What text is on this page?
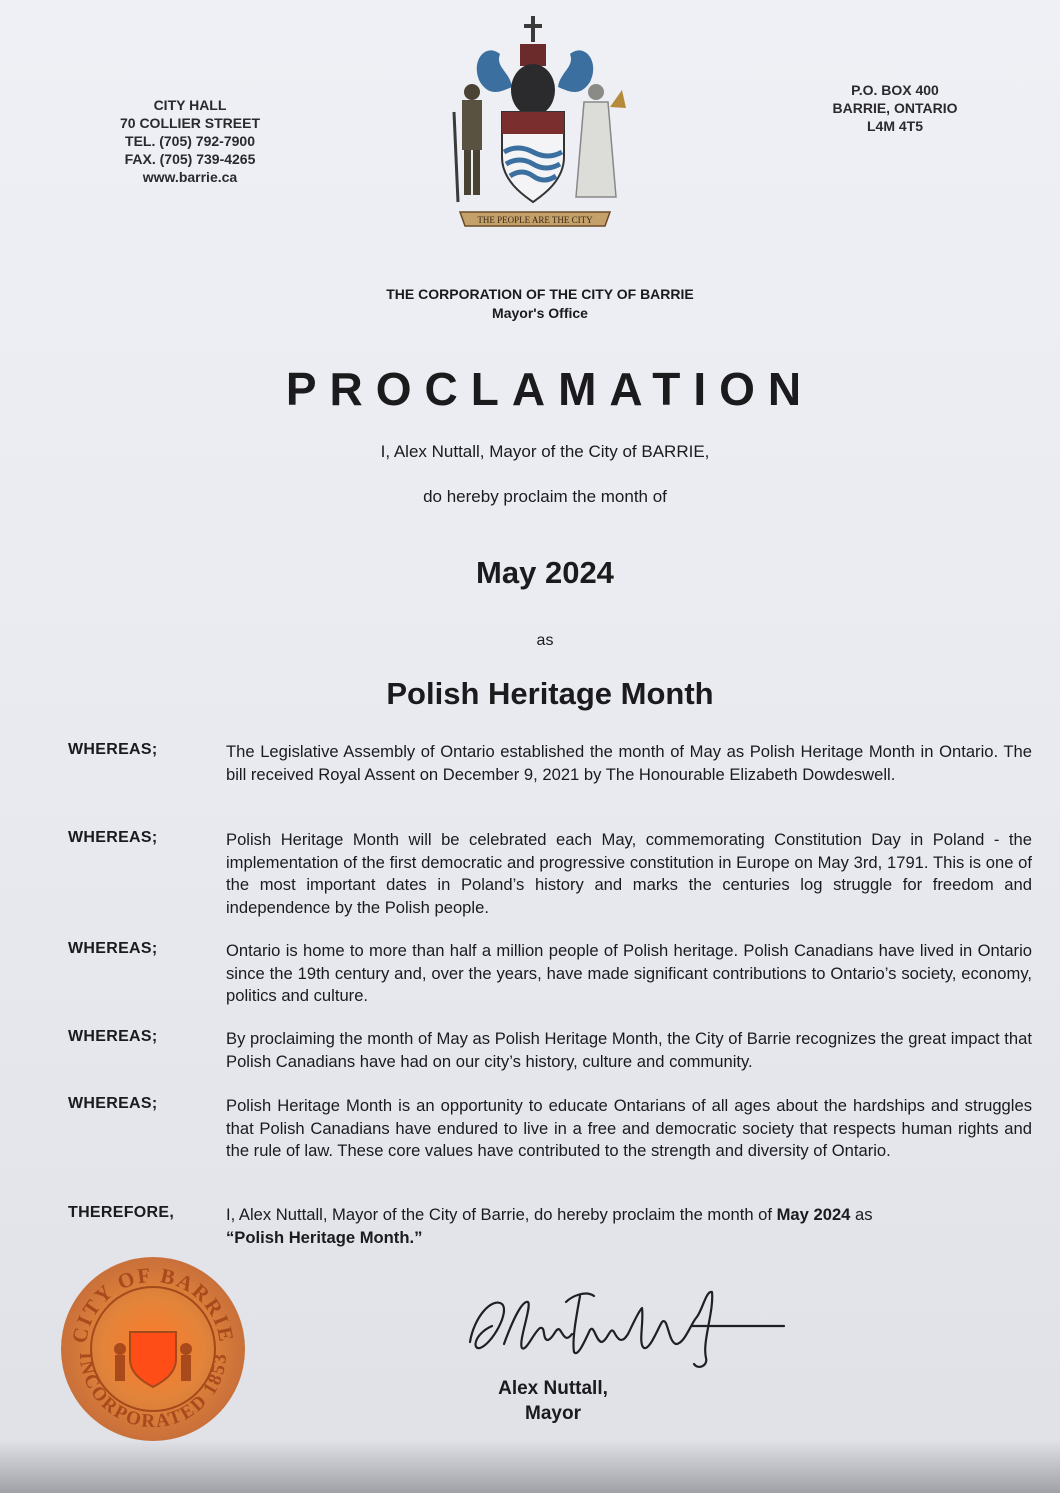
CITY HALL
70 COLLIER STREET
TEL. (705) 792-7900
FAX. (705) 739-4265
www.barrie.ca
THE PEOPLE ARE THE CITY
P.O. BOX 400
BARRIE, ONTARIO
L4M 4T5
THE CORPORATION OF THE CITY OF BARRIE
Mayor's Office
PROCLAMATION
I, Alex Nuttall, Mayor of the City of BARRIE,
do hereby proclaim the month of
May 2024
as
Polish Heritage Month
WHEREAS;	The Legislative Assembly of Ontario established the month of May as Polish Heritage Month in Ontario. The bill received Royal Assent on December 9, 2021 by The Honourable Elizabeth Dowdeswell.
WHEREAS;	Polish Heritage Month will be celebrated each May, commemorating Constitution Day in Poland - the implementation of the first democratic and progressive constitution in Europe on May 3rd, 1791. This is one of the most important dates in Poland’s history and marks the centuries log struggle for freedom and independence by the Polish people.
WHEREAS;	Ontario is home to more than half a million people of Polish heritage. Polish Canadians have lived in Ontario since the 19th century and, over the years, have made significant contributions to Ontario’s society, economy, politics and culture.
WHEREAS;	By proclaiming the month of May as Polish Heritage Month, the City of Barrie recognizes the great impact that Polish Canadians have had on our city’s history, culture and community.
WHEREAS;	Polish Heritage Month is an opportunity to educate Ontarians of all ages about the hardships and struggles that Polish Canadians have endured to live in a free and democratic society that respects human rights and the rule of law. These core values have contributed to the strength and diversity of Ontario.
THEREFORE,	I, Alex Nuttall, Mayor of the City of Barrie, do hereby proclaim the month of May 2024 as
“Polish Heritage Month.”
CITY OF BARRIE
INCORPORATED 1853
Alex Nuttall,
Mayor
